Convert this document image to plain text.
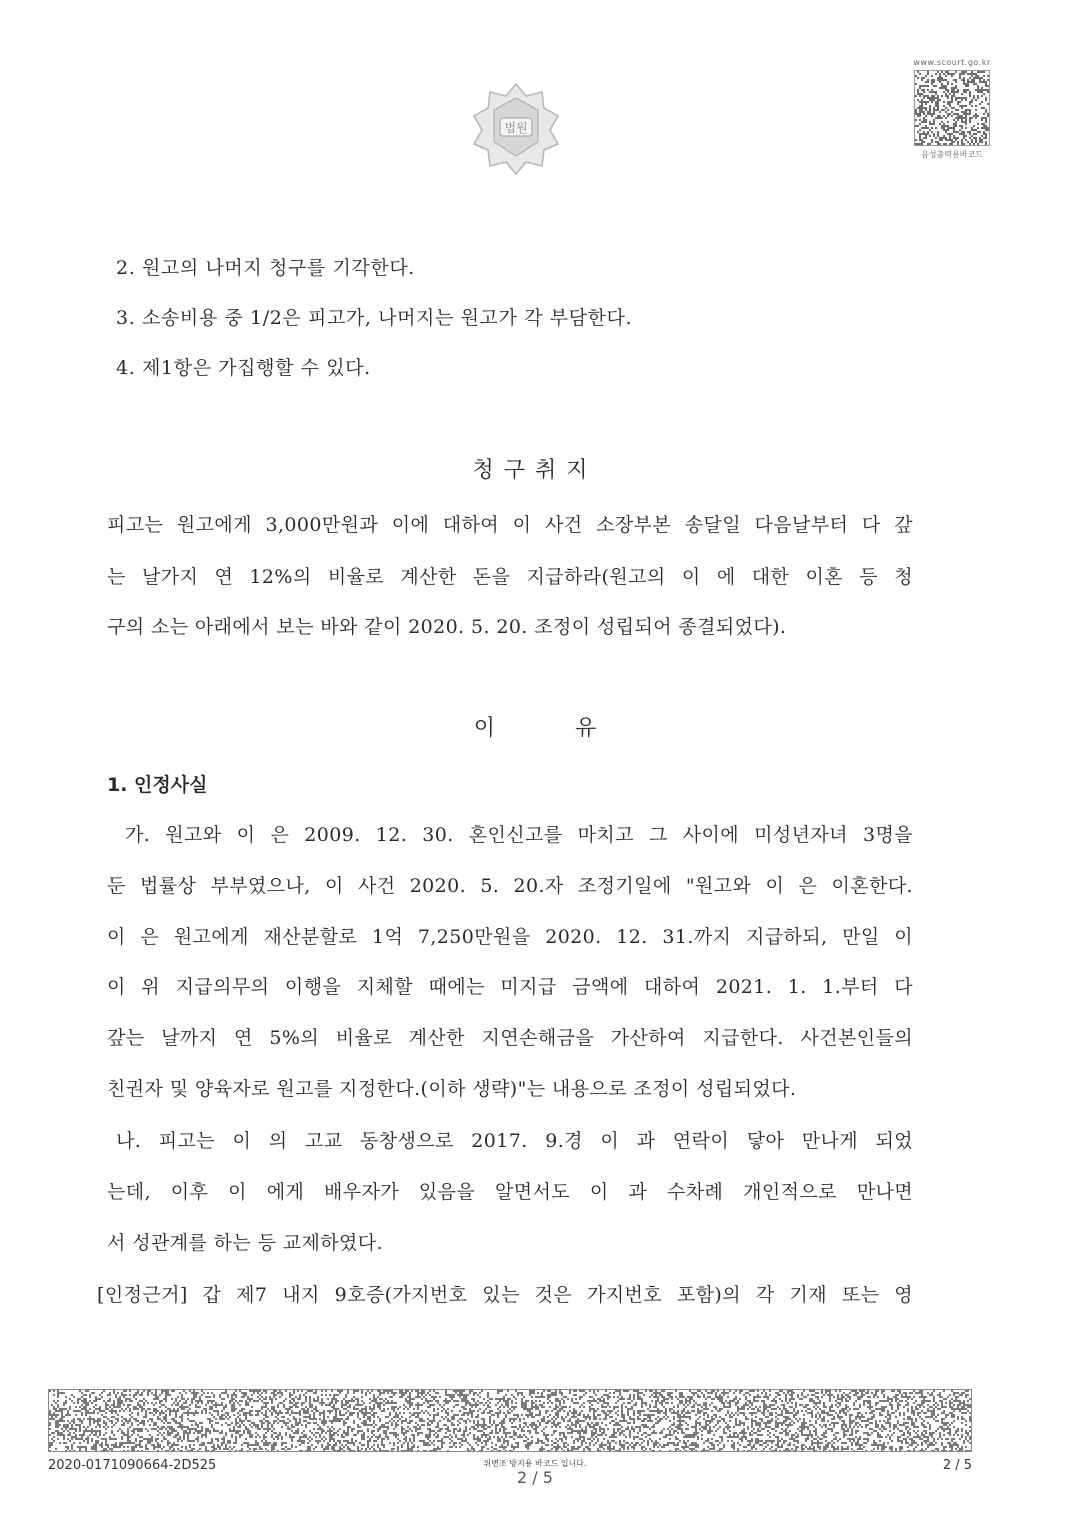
법원
www.scourt.go.kr
음성출력용바코드
2. 원고의 나머지 청구를 기각한다.
3. 소송비용 중 1/2은 피고가, 나머지는 원고가 각 부담한다.
4. 제1항은 가집행할 수 있다.
청구취지
피고는 원고에게 3,000만원과 이에 대하여 이 사건 소장부본 송달일 다음날부터 다 갚
는 날가지 연 12%의 비율로 계산한 돈을 지급하라(원고의 이 에 대한 이혼 등 청
구의 소는 아래에서 보는 바와 같이 2020. 5. 20. 조정이 성립되어 종결되었다).
이	유
1. 인정사실
가. 원고와 이 은 2009. 12. 30. 혼인신고를 마치고 그 사이에 미성년자녀 3명을
둔 법률상 부부였으나, 이 사건 2020. 5. 20.자 조정기일에 "원고와 이 은 이혼한다.
이 은 원고에게 재산분할로 1억 7,250만원을 2020. 12. 31.까지 지급하되, 만일 이
이 위 지급의무의 이행을 지체할 때에는 미지급 금액에 대하여 2021. 1. 1.부터 다
갚는 날까지 연 5%의 비율로 계산한 지연손해금을 가산하여 지급한다. 사건본인들의
친권자 및 양육자로 원고를 지정한다.(이하 생략)"는 내용으로 조정이 성립되었다.
나. 피고는 이 의 고교 동창생으로 2017. 9.경 이 과 연락이 닿아 만나게 되었
는데, 이후 이 에게 배우자가 있음을 알면서도 이 과 수차례 개인적으로 만나면
서 성관계를 하는 등 교제하였다.
[인정근거] 갑 제7 내지 9호증(가지번호 있는 것은 가지번호 포함)의 각 기재 또는 영
2020-0171090664-2D525	위변조 방지용 바코드 입니다.	2 / 5
2 / 5
